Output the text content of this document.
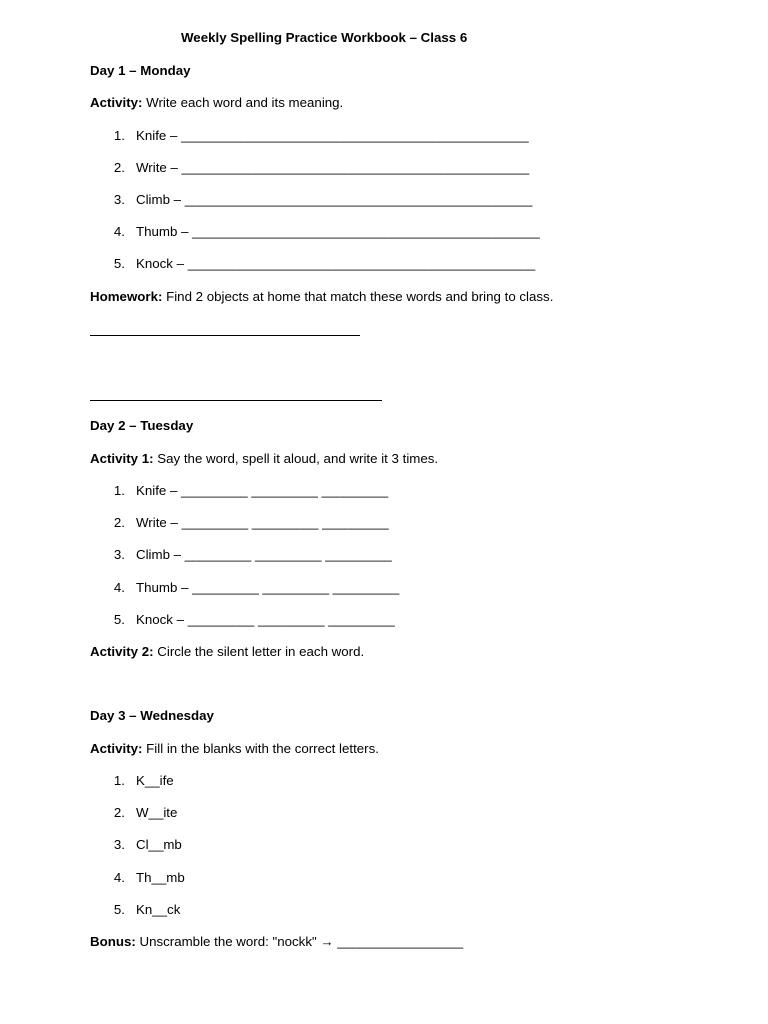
Weekly Spelling Practice Workbook – Class 6
Day 1 – Monday
Activity: Write each word and its meaning.
1. Knife – _______________________________________________
2. Write – _______________________________________________
3. Climb – _______________________________________________
4. Thumb – _______________________________________________
5. Knock – _______________________________________________
Homework: Find 2 objects at home that match these words and bring to class.
Day 2 – Tuesday
Activity 1: Say the word, spell it aloud, and write it 3 times.
1. Knife – _________ _________ _________
2. Write – _________ _________ _________
3. Climb – _________ _________ _________
4. Thumb – _________ _________ _________
5. Knock – _________ _________ _________
Activity 2: Circle the silent letter in each word.
Day 3 – Wednesday
Activity: Fill in the blanks with the correct letters.
1. K__ife
2. W__ite
3. Cl__mb
4. Th__mb
5. Kn__ck
Bonus: Unscramble the word: "nockk" → _________________
